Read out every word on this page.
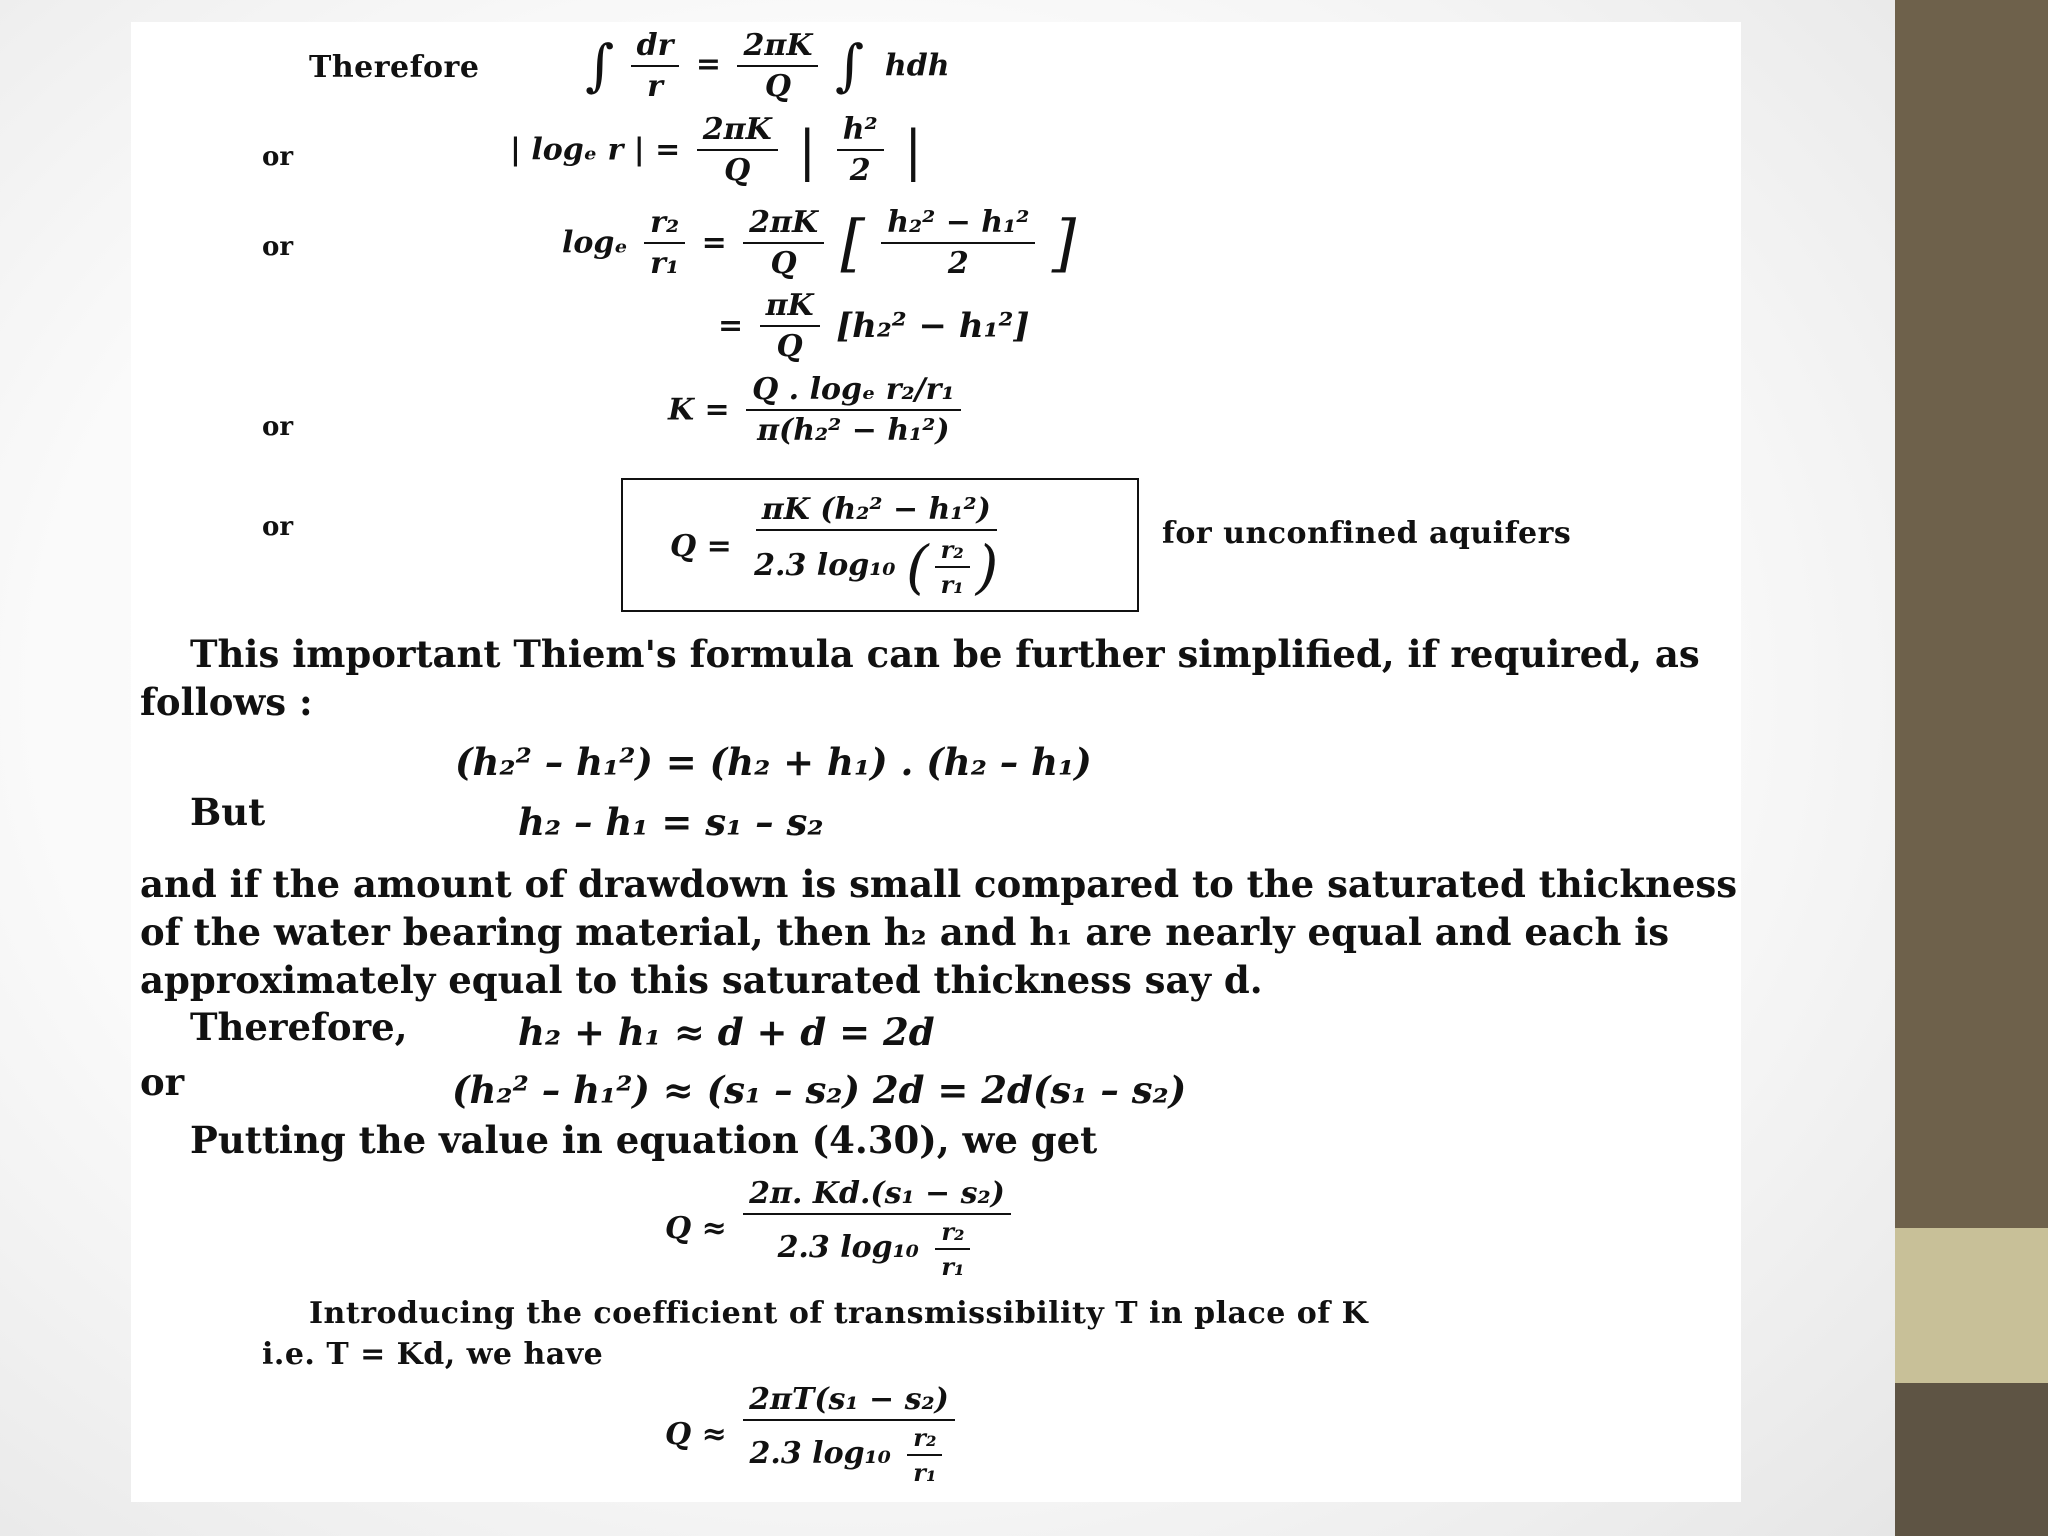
Therefore ∫ $\frac{dr}{r} = \frac{2\pi K}{Q}$ ∫  hdh
or	| logₑ r | = $\frac{2\pi K}{Q}$ | $\frac{\text{h²}}{2}$ |
or	logₑ $\frac{\text{r₂}}{\text{r₁}} = \frac{2\pi K}{Q}$ [ $\frac{\text{h₂² − h₁²}}{2}$ ]
= $\frac{\pi K}{Q} [h_2^2 - h_1^2]$
or	$K = \frac{\text{Q . logₑ r₂/r₁}}{\text{π(h₂² − h₁²)}}$
or
$Q = \frac{\text{πK (h₂² − h₁²)}}{2.3 \log_{10} ( \frac{\text{r₂}}{\text{r₁}} )}$	for unconfined aquifers
This important Thiem's formula can be further simplified, if required, as
follows :
(h₂² – h₁²) = (h₂ + h₁) . (h₂ – h₁)
But	h₂ – h₁ = s₁ – s₂
and if the amount of drawdown is small compared to the saturated thickness
of the water bearing material, then h₂ and h₁ are nearly equal and each is
approximately equal to this saturated thickness say d.
Therefore,	h₂ + h₁ ≈ d + d = 2d
or	(h₂² – h₁²) ≈ (s₁ – s₂) 2d = 2d(s₁ – s₂)
Putting the value in equation (4.30), we get
$Q \approx \frac{\text{2π. Kd.(s₁ − s₂)}}{2.3 \log_{10} \frac{\text{r₂}}{\text{r₁}}}$
Introducing the coefficient of transmissibility T in place of K
i.e. T = Kd, we have
$Q \approx \frac{\text{2πT(s₁ − s₂)}}{2.3 \log_{10} \frac{\text{r₂}}{\text{r₁}}}$
